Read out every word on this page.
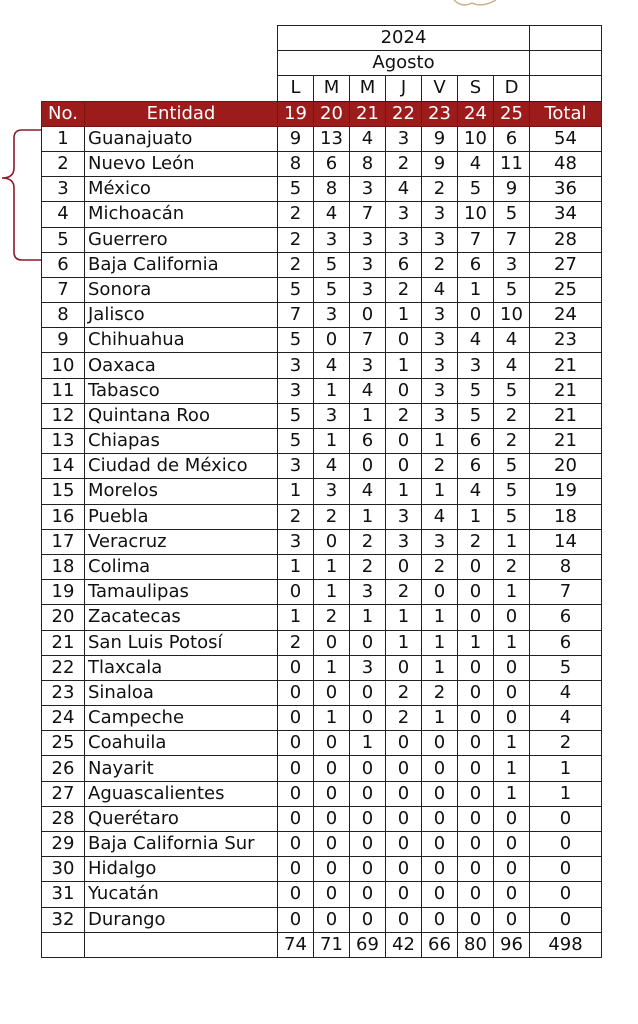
		2024							
		Agosto							
		L	M	M	J	V	S	D	
No.	Entidad	19	20	21	22	23	24	25	Total
1	Guanajuato	9	13	4	3	9	10	6	54
2	Nuevo León	8	6	8	2	9	4	11	48
3	México	5	8	3	4	2	5	9	36
4	Michoacán	2	4	7	3	3	10	5	34
5	Guerrero	2	3	3	3	3	7	7	28
6	Baja California	2	5	3	6	2	6	3	27
7	Sonora	5	5	3	2	4	1	5	25
8	Jalisco	7	3	0	1	3	0	10	24
9	Chihuahua	5	0	7	0	3	4	4	23
10	Oaxaca	3	4	3	1	3	3	4	21
11	Tabasco	3	1	4	0	3	5	5	21
12	Quintana Roo	5	3	1	2	3	5	2	21
13	Chiapas	5	1	6	0	1	6	2	21
14	Ciudad de México	3	4	0	0	2	6	5	20
15	Morelos	1	3	4	1	1	4	5	19
16	Puebla	2	2	1	3	4	1	5	18
17	Veracruz	3	0	2	3	3	2	1	14
18	Colima	1	1	2	0	2	0	2	8
19	Tamaulipas	0	1	3	2	0	0	1	7
20	Zacatecas	1	2	1	1	1	0	0	6
21	San Luis Potosí	2	0	0	1	1	1	1	6
22	Tlaxcala	0	1	3	0	1	0	0	5
23	Sinaloa	0	0	0	2	2	0	0	4
24	Campeche	0	1	0	2	1	0	0	4
25	Coahuila	0	0	1	0	0	0	1	2
26	Nayarit	0	0	0	0	0	0	1	1
27	Aguascalientes	0	0	0	0	0	0	1	1
28	Querétaro	0	0	0	0	0	0	0	0
29	Baja California Sur	0	0	0	0	0	0	0	0
30	Hidalgo	0	0	0	0	0	0	0	0
31	Yucatán	0	0	0	0	0	0	0	0
32	Durango	0	0	0	0	0	0	0	0
		74	71	69	42	66	80	96	498
